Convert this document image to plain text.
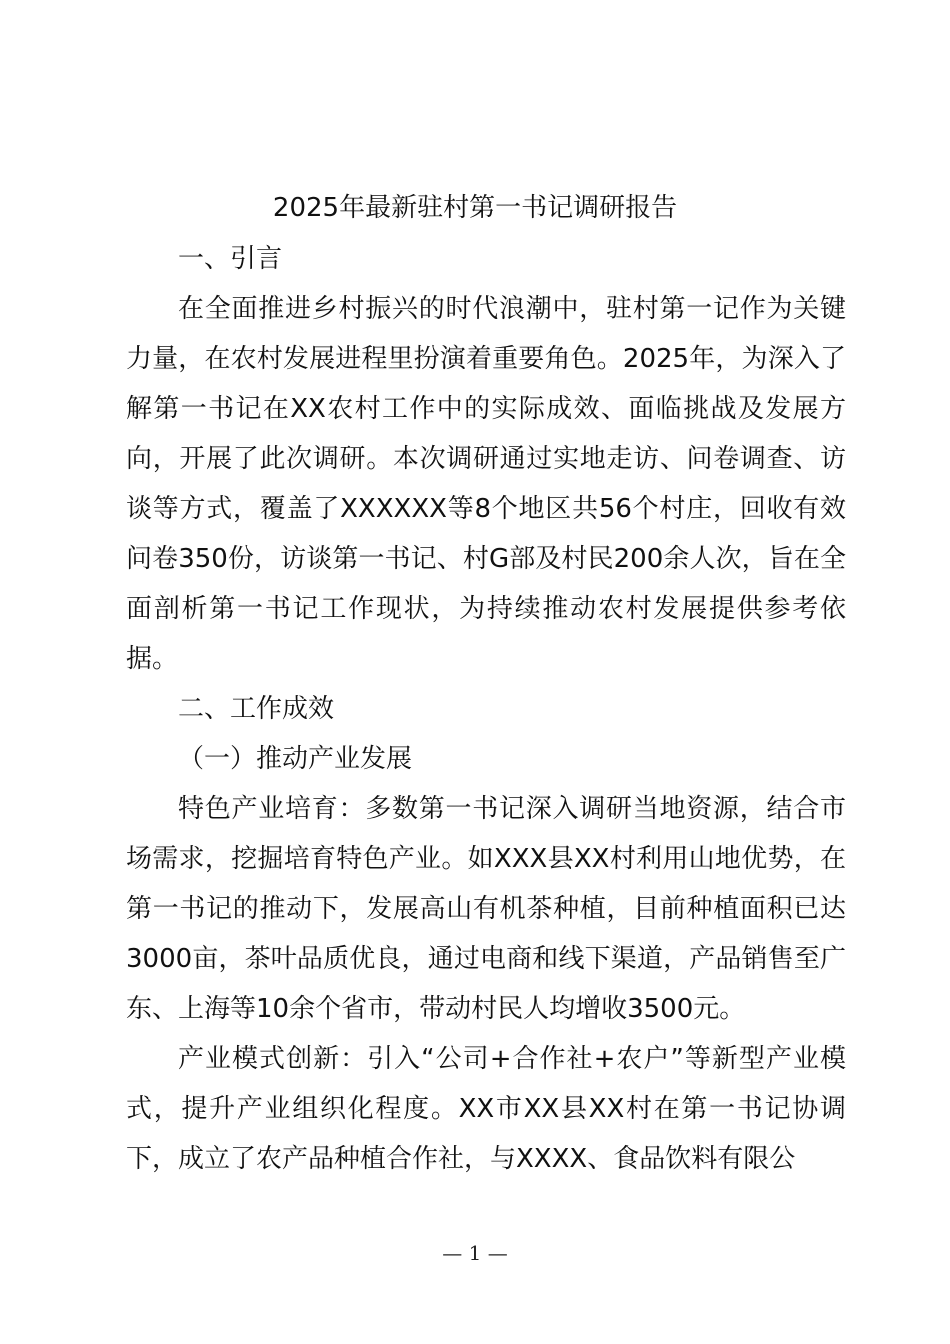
2025年最新驻村第一书记调研报告

一、引言

在全面推进乡村振兴的时代浪潮中，驻村第一记作为关键力量，在农村发展进程里扮演着重要角色。2025年，为深入了解第一书记在XX农村工作中的实际成效、面临挑战及发展方向，开展了此次调研。本次调研通过实地走访、问卷调查、访谈等方式，覆盖了XXXXXX等8个地区共56个村庄，回收有效问卷350份，访谈第一书记、村G部及村民200余人次，旨在全面剖析第一书记工作现状，为持续推动农村发展提供参考依据。

二、工作成效

（一）推动产业发展

特色产业培育：多数第一书记深入调研当地资源，结合市场需求，挖掘培育特色产业。如XXX县XX村利用山地优势，在第一书记的推动下，发展高山有机茶种植，目前种植面积已达3000亩，茶叶品质优良，通过电商和线下渠道，产品销售至广东、上海等10余个省市，带动村民人均增收3500元。

产业模式创新：引入“公司+合作社+农户”等新型产业模式，提升产业组织化程度。XX市XX县XX村在第一书记协调下，成立了农产品种植合作社，与XXXX、食品饮料有限公

— 1 —
